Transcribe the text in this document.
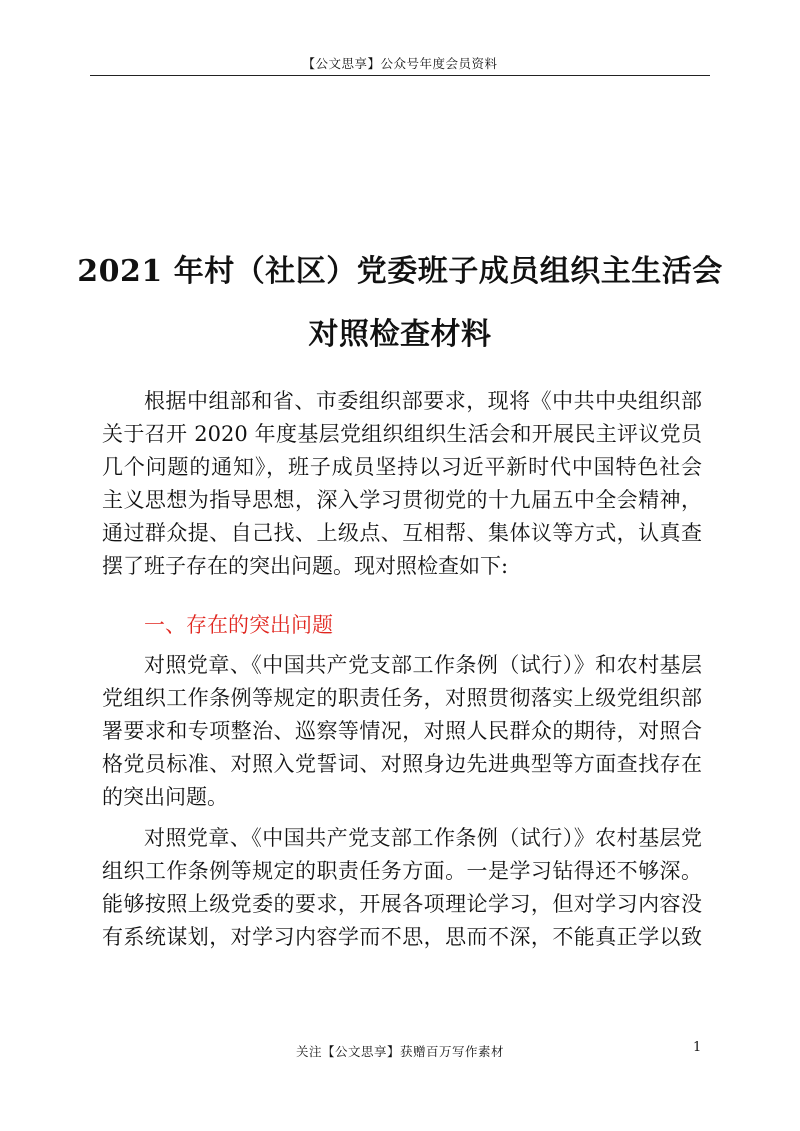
【公文思享】公众号年度会员资料
2021 年村（社区）党委班子成员组织主生活会
对照检查材料
根据中组部和省、市委组织部要求，现将《中共中央组织部
关于召开 2020 年度基层党组织组织生活会和开展民主评议党员
几个问题的通知》，班子成员坚持以习近平新时代中国特色社会
主义思想为指导思想，深入学习贯彻党的十九届五中全会精神，
通过群众提、自己找、上级点、互相帮、集体议等方式，认真查
摆了班子存在的突出问题。现对照检查如下:
一、存在的突出问题
对照党章、《中国共产党支部工作条例（试行）》和农村基层
党组织工作条例等规定的职责任务，对照贯彻落实上级党组织部
署要求和专项整治、巡察等情况，对照人民群众的期待，对照合
格党员标准、对照入党誓词、对照身边先进典型等方面查找存在
的突出问题。
对照党章、《中国共产党支部工作条例（试行）》农村基层党
组织工作条例等规定的职责任务方面。一是学习钻得还不够深。
能够按照上级党委的要求，开展各项理论学习，但对学习内容没
有系统谋划，对学习内容学而不思，思而不深，不能真正学以致
关注【公文思享】获赠百万写作素材	1
